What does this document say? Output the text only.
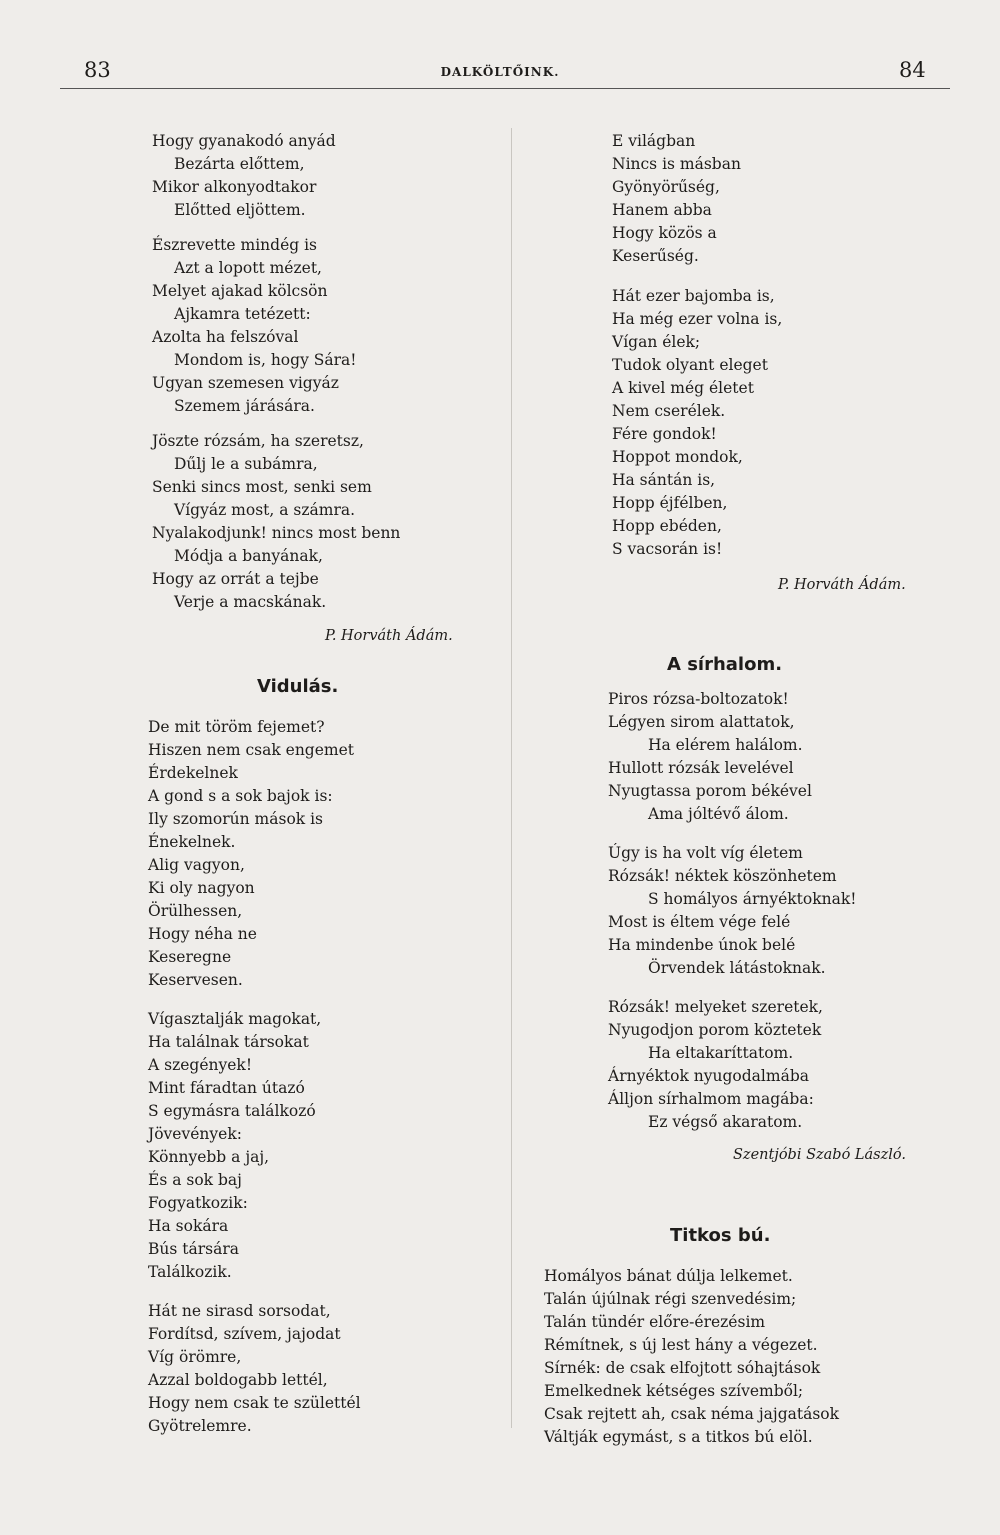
83	DALKÖLTŐINK.	84
Hogy gyanakodó anyád
Bezárta előttem,
Mikor alkonyodtakor
Előtted eljöttem.
Észrevette mindég is
Azt a lopott mézet,
Melyet ajakad kölcsön
Ajkamra tetézett:
Azolta ha felszóval
Mondom is, hogy Sára!
Ugyan szemesen vigyáz
Szemem járására.
Jöszte rózsám, ha szeretsz,
Dűlj le a subámra,
Senki sincs most, senki sem
Vígyáz most, a számra.
Nyalakodjunk! nincs most benn
Módja a banyának,
Hogy az orrát a tejbe
Verje a macskának.
P. Horváth Ádám.
Vidulás.
De mit töröm fejemet?
Hiszen nem csak engemet
Érdekelnek
A gond s a sok bajok is:
Ily szomorún mások is
Énekelnek.
Alig vagyon,
Ki oly nagyon
Örülhessen,
Hogy néha ne
Keseregne
Keservesen.
Vígasztalják magokat,
Ha találnak társokat
A szegények!
Mint fáradtan útazó
S egymásra találkozó
Jövevények:
Könnyebb a jaj,
És a sok baj
Fogyatkozik:
Ha sokára
Bús társára
Találkozik.
Hát ne sirasd sorsodat,
Fordítsd, szívem, jajodat
Víg örömre,
Azzal boldogabb lettél,
Hogy nem csak te születtél
Gyötrelemre.
E világban
Nincs is másban
Gyönyörűség,
Hanem abba
Hogy közös a
Keserűség.
Hát ezer bajomba is,
Ha még ezer volna is,
Vígan élek;
Tudok olyant eleget
A kivel még életet
Nem cserélek.
Fére gondok!
Hoppot mondok,
Ha sántán is,
Hopp éjfélben,
Hopp ebéden,
S vacsorán is!
P. Horváth Ádám.
A sírhalom.
Piros rózsa-boltozatok!
Légyen sirom alattatok,
Ha elérem halálom.
Hullott rózsák levelével
Nyugtassa porom békével
Ama jóltévő álom.
Úgy is ha volt víg életem
Rózsák! néktek köszönhetem
S homályos árnyéktoknak!
Most is éltem vége felé
Ha mindenbe únok belé
Örvendek látástoknak.
Rózsák! melyeket szeretek,
Nyugodjon porom köztetek
Ha eltakaríttatom.
Árnyéktok nyugodalmába
Álljon sírhalmom magába:
Ez végső akaratom.
Szentjóbi Szabó László.
Titkos bú.
Homályos bánat dúlja lelkemet.
Talán újúlnak régi szenvedésim;
Talán tündér előre-érezésim
Rémítnek, s új lest hány a végezet.
Sírnék: de csak elfojtott sóhajtások
Emelkednek kétséges szívemből;
Csak rejtett ah, csak néma jajgatások
Váltják egymást, s a titkos bú elöl.
